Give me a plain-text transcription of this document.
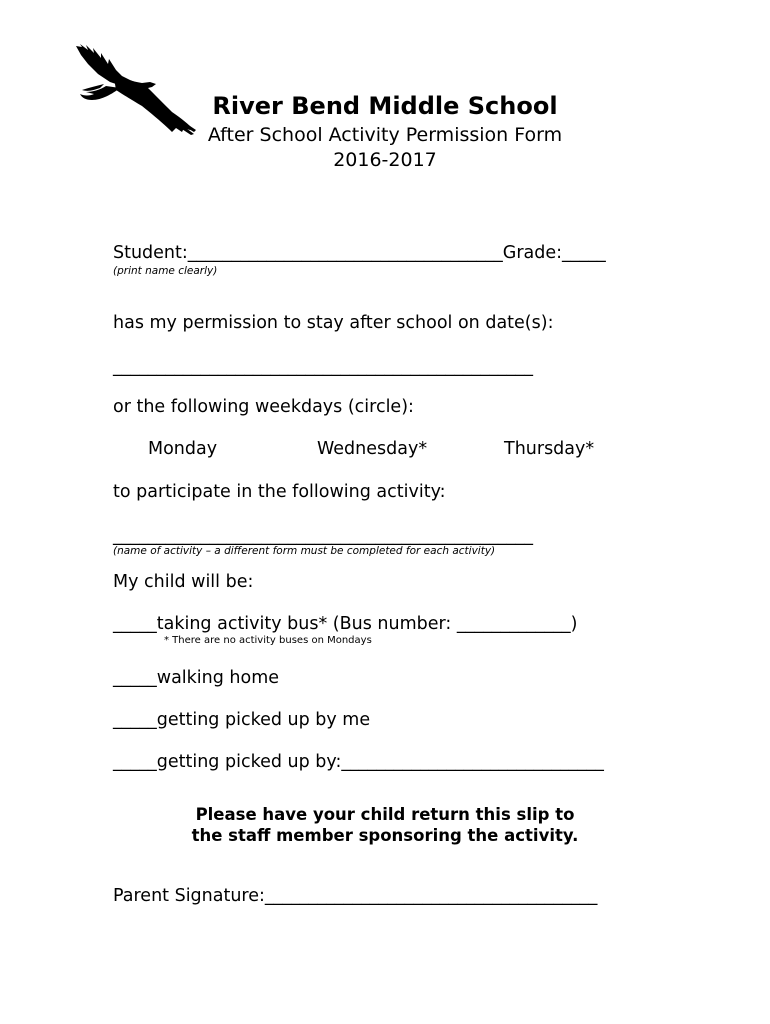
River Bend Middle School
After School Activity Permission Form
2016-2017
Student:____________________________________Grade:_____
(print name clearly)
has my permission to stay after school on date(s):
________________________________________________
or the following weekdays (circle):
Monday	Wednesday*	Thursday*
to participate in the following activity:
________________________________________________
(name of activity – a different form must be completed for each activity)
My child will be:
_____taking activity bus* (Bus number: _____________)
* There are no activity buses on Mondays
_____walking home
_____getting picked up by me
_____getting picked up by:______________________________
Please have your child return this slip to
the staff member sponsoring the activity.
Parent Signature:______________________________________
